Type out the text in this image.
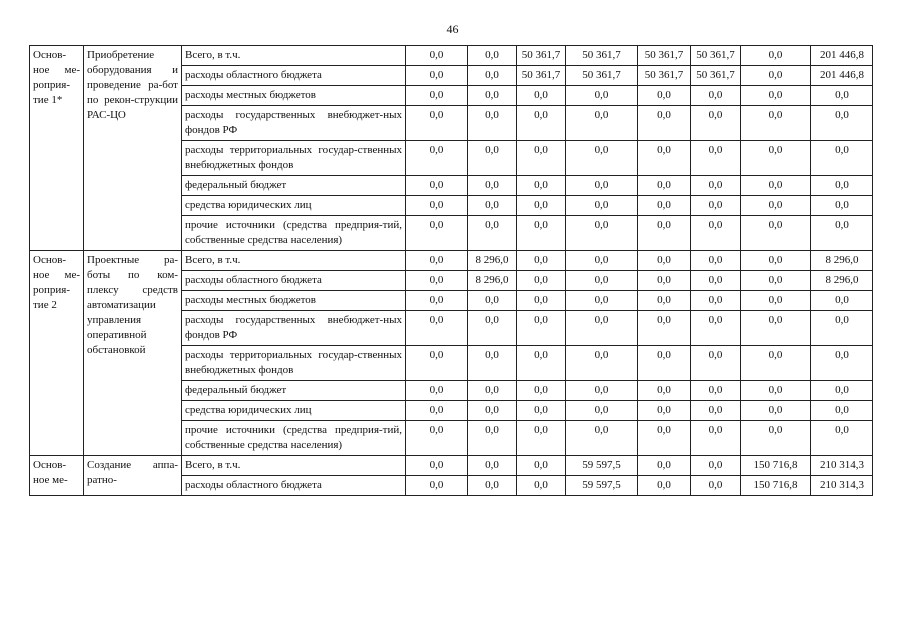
46
Основ-ное ме-роприя-тие 1*	Приобретение оборудования и проведение ра-бот по рекон-струкции РАС-ЦО	Всего, в т.ч.	0,0	0,0	50 361,7	50 361,7	50 361,7	50 361,7	0,0	201 446,8
		расходы областного бюджета	0,0	0,0	50 361,7	50 361,7	50 361,7	50 361,7	0,0	201 446,8
		расходы местных бюджетов	0,0	0,0	0,0	0,0	0,0	0,0	0,0	0,0
		расходы государственных внебюджет-ных фондов РФ	0,0	0,0	0,0	0,0	0,0	0,0	0,0	0,0
		расходы территориальных государ-ственных внебюджетных фондов	0,0	0,0	0,0	0,0	0,0	0,0	0,0	0,0
		федеральный бюджет	0,0	0,0	0,0	0,0	0,0	0,0	0,0	0,0
		средства юридических лиц	0,0	0,0	0,0	0,0	0,0	0,0	0,0	0,0
		прочие источники (средства предприя-тий, собственные средства населения)	0,0	0,0	0,0	0,0	0,0	0,0	0,0	0,0
Основ-ное ме-роприя-тие 2	Проектные ра-боты по ком-плексу средств автоматизации управления оперативной обстановкой	Всего, в т.ч.	0,0	8 296,0	0,0	0,0	0,0	0,0	0,0	8 296,0
		расходы областного бюджета	0,0	8 296,0	0,0	0,0	0,0	0,0	0,0	8 296,0
		расходы местных бюджетов	0,0	0,0	0,0	0,0	0,0	0,0	0,0	0,0
		расходы государственных внебюджет-ных фондов РФ	0,0	0,0	0,0	0,0	0,0	0,0	0,0	0,0
		расходы территориальных государ-ственных внебюджетных фондов	0,0	0,0	0,0	0,0	0,0	0,0	0,0	0,0
		федеральный бюджет	0,0	0,0	0,0	0,0	0,0	0,0	0,0	0,0
		средства юридических лиц	0,0	0,0	0,0	0,0	0,0	0,0	0,0	0,0
		прочие источники (средства предприя-тий, собственные средства населения)	0,0	0,0	0,0	0,0	0,0	0,0	0,0	0,0
Основ-ное ме-	Создание аппа-ратно-	Всего, в т.ч.	0,0	0,0	0,0	59 597,5	0,0	0,0	150 716,8	210 314,3
		расходы областного бюджета	0,0	0,0	0,0	59 597,5	0,0	0,0	150 716,8	210 314,3
